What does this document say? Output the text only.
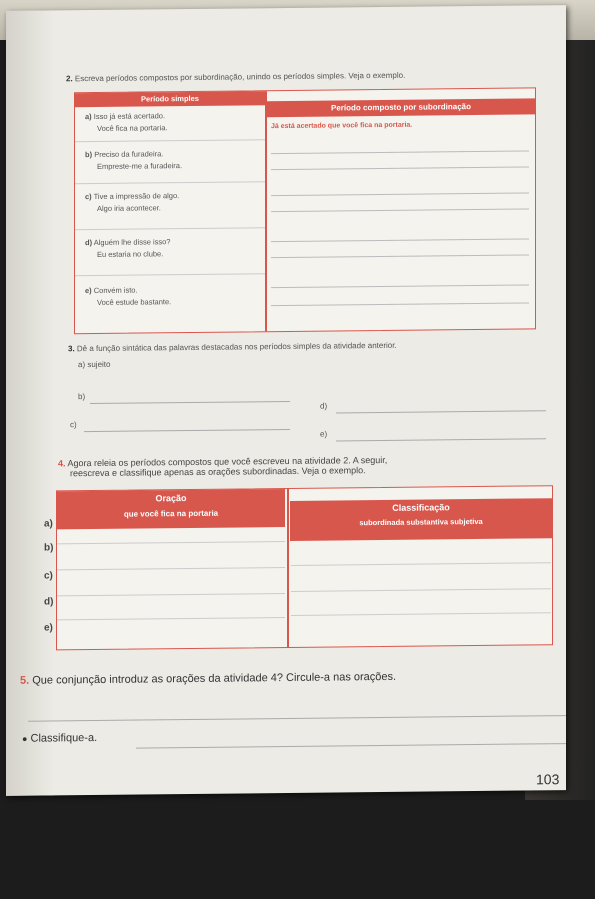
2. Escreva períodos compostos por subordinação, unindo os períodos simples. Veja o exemplo.
Período simples
Período composto por subordinação
Já está acertado que você fica na portaria.
a) Isso já está acertado.
Você fica na portaria.
b) Preciso da furadeira.
Empreste-me a furadeira.
c) Tive a impressão de algo.
Algo iria acontecer.
d) Alguém lhe disse isso?
Eu estaria no clube.
e) Convém isto.
Você estude bastante.
3. Dê a função sintática das palavras destacadas nos períodos simples da atividade anterior.
a) sujeito
b)
d)
c)
e)
4. Agora releia os períodos compostos que você escreveu na atividade 2. A seguir,
reescreva e classifique apenas as orações subordinadas. Veja o exemplo.
Oração
que você fica na portaria
Classificação
subordinada substantiva subjetiva
a)
b)
c)
d)
e)
5. Que conjunção introduz as orações da atividade 4? Circule-a nas orações.
● Classifique-a.
103
